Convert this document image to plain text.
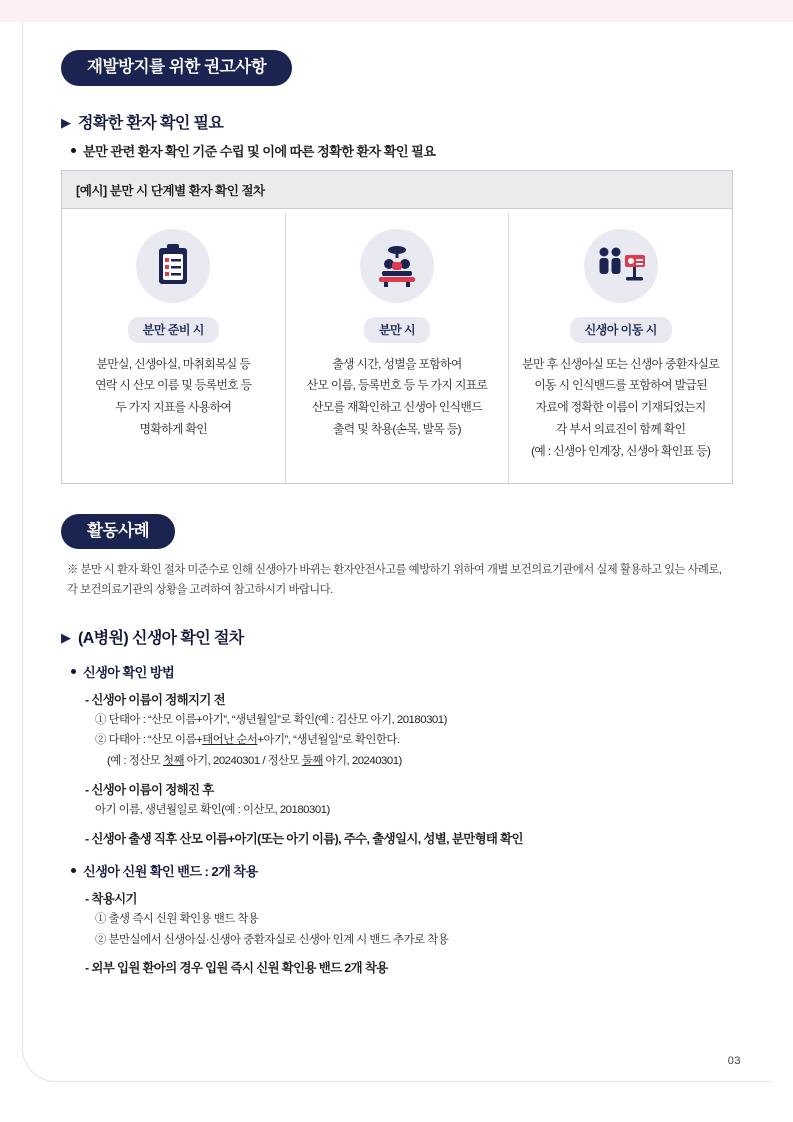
재발방지를 위한 권고사항
▶ 정확한 환자 확인 필요
분만 관련 환자 확인 기준 수립 및 이에 따른 정확한 환자 확인 필요
[예시] 분만 시 단계별 환자 확인 절차
분만 준비 시
분만실, 신생아실, 마취회복실 등
연락 시 산모 이름 및 등록번호 등
두 가지 지표를 사용하여
명확하게 확인
분만 시
출생 시간, 성별을 포함하여
산모 이름, 등록번호 등 두 가지 지표로
산모를 재확인하고 신생아 인식밴드
출력 및 착용(손목, 발목 등)
신생아 이동 시
분만 후 신생아실 또는 신생아 중환자실로
이동 시 인식밴드를 포함하여 발급된
자료에 정확한 이름이 기재되었는지
각 부서 의료진이 함께 확인
(예 : 신생아 인계장, 신생아 확인표 등)
활동사례
※ 분만 시 환자 확인 절차 미준수로 인해 신생아가 바뀌는 환자안전사고를 예방하기 위하여 개별 보건의료기관에서 실제 활용하고 있는 사례로, 각 보건의료기관의 상황을 고려하여 참고하시기 바랍니다.
▶ (A병원) 신생아 확인 절차
신생아 확인 방법
- 신생아 이름이 정해지기 전
① 단태아 : “산모 이름+아기”, “생년월일”로 확인(예 : 김산모 아기, 20180301)
② 다태아 : “산모 이름+태어난 순서+아기”, “생년월일”로 확인한다.
(예 : 정산모 첫째 아기, 20240301 / 정산모 둘째 아기, 20240301)
- 신생아 이름이 정해진 후
아기 이름, 생년월일로 확인(예 : 이산모, 20180301)
- 신생아 출생 직후 산모 이름+아기(또는 아기 이름), 주수, 출생일시, 성별, 분만형태 확인
신생아 신원 확인 밴드 : 2개 착용
- 착용시기
① 출생 즉시 신원 확인용 밴드 착용
② 분만실에서 신생아실·신생아 중환자실로 신생아 인계 시 밴드 추가로 착용
- 외부 입원 환아의 경우 입원 즉시 신원 확인용 밴드 2개 착용
03
